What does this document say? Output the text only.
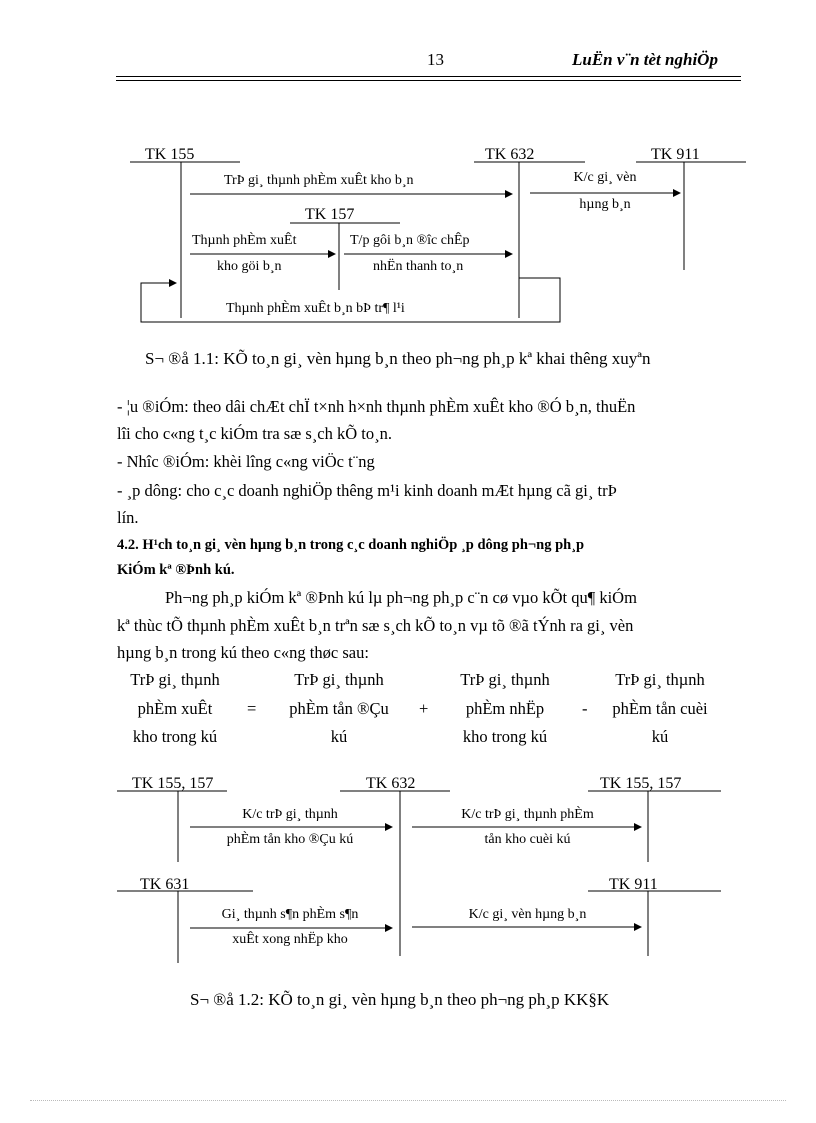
13	LuËn v¨n tèt nghiÖp
TK 155	TK 632	TK 911
TK 157
TrÞ gi¸ thµnh phÈm xuÊt kho b¸n	K/c gi¸ vèn
hµng b¸n
Thµnh phÈm xuÊt
kho göi b¸n
T/p gôi b¸n ®îc chÊp
nhËn thanh to¸n
Thµnh phÈm xuÊt b¸n bÞ tr¶ l¹i
S¬ ®å 1.1: KÕ to¸n gi¸ vèn hµng b¸n theo ph¬ng ph¸p kª khai thêng xuyªn
- ¦u ®iÓm: theo dâi chÆt chÏ t×nh h×nh thµnh phÈm xuÊt kho ®Ó b¸n, thuËn
lîi cho c«ng t¸c kiÓm tra sæ s¸ch kÕ to¸n.
- Nhîc ®iÓm: khèi lîng c«ng viÖc t¨ng
- ¸p dông: cho c¸c doanh nghiÖp thêng m¹i kinh doanh mÆt hµng cã gi¸ trÞ
lín.
4.2. H¹ch to¸n gi¸ vèn hµng b¸n trong c¸c doanh nghiÖp ¸p dông ph¬ng ph¸p
KiÓm kª ®Þnh kú.
Ph¬ng ph¸p kiÓm kª ®Þnh kú lµ ph¬ng ph¸p c¨n cø vµo kÕt qu¶ kiÓm
kª thùc tÕ thµnh phÈm xuÊt b¸n trªn sæ s¸ch kÕ to¸n vµ tõ ®ã tÝnh ra gi¸ vèn
hµng b¸n trong kú theo c«ng thøc sau:
TrÞ gi¸ thµnh
phÈm xuÊt
kho trong kú
=
TrÞ gi¸ thµnh
phÈm tån ®Çu
kú
+
TrÞ gi¸ thµnh
phÈm nhËp
kho trong kú
-
TrÞ gi¸ thµnh
phÈm tån cuèi
kú
TK 155, 157	TK 632	TK 155, 157
TK 631	TK 911
K/c trÞ gi¸ thµnh
phÈm tån kho ®Çu kú
K/c trÞ gi¸ thµnh phÈm
tån kho cuèi kú
Gi¸ thµnh s¶n phÈm s¶n
xuÊt xong nhËp kho
K/c gi¸ vèn hµng b¸n
S¬ ®å 1.2: KÕ to¸n gi¸ vèn hµng b¸n theo ph¬ng ph¸p KK§K
